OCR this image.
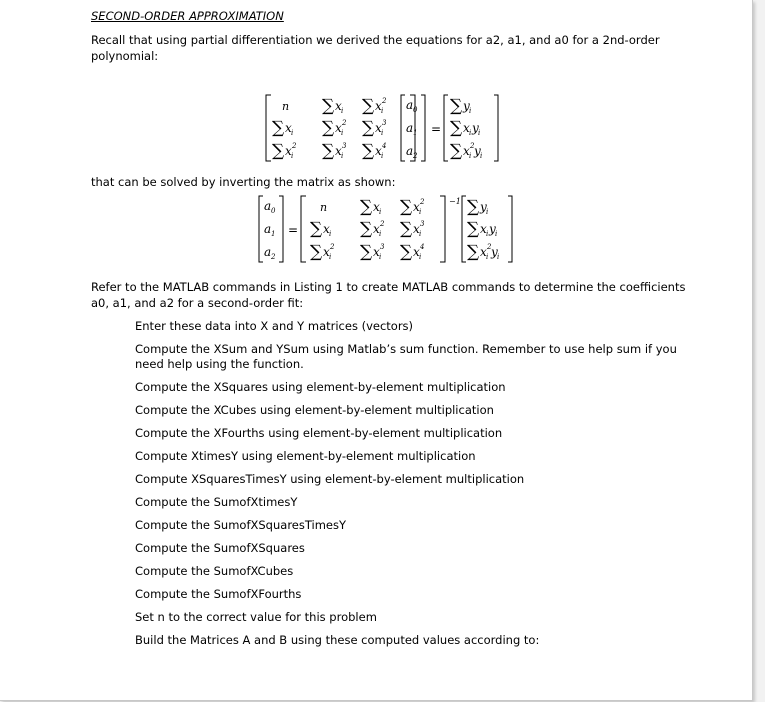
SECOND-ORDER APPROXIMATION
Recall that using partial differentiation we derived the equations for a2, a1, and a0 for a 2nd-order polynomial:
n ∑ x i ∑ x 2
i
∑ x i ∑ x 2
i ∑ x 3
i
∑ x 2
i ∑ x 3
i ∑ x 4
i
a 0
a 1
a 2
=
∑ y i
∑ x i y i
∑ x 2
i y i
that can be solved by inverting the matrix as shown:
a 0
a 1
a 2
=
−1
n ∑ x i ∑ x 2
i
∑ x i ∑ x 2
i ∑ x 3
i
∑ x 2
i ∑ x 3
i ∑ x 4
i
∑ y i
∑ x i y i
∑ x 2
i y i
Refer to the MATLAB commands in Listing 1 to create MATLAB commands to determine the coefficients a0, a1, and a2 for a second-order fit:
Enter these data into X and Y matrices (vectors)
Compute the XSum and YSum using Matlab’s sum function. Remember to use help sum if you need help using the function.
Compute the XSquares using element-by-element multiplication
Compute the XCubes using element-by-element multiplication
Compute the XFourths using element-by-element multiplication
Compute XtimesY using element-by-element multiplication
Compute XSquaresTimesY using element-by-element multiplication
Compute the SumofXtimesY
Compute the SumofXSquaresTimesY
Compute the SumofXSquares
Compute the SumofXCubes
Compute the SumofXFourths
Set n to the correct value for this problem
Build the Matrices A and B using these computed values according to:
